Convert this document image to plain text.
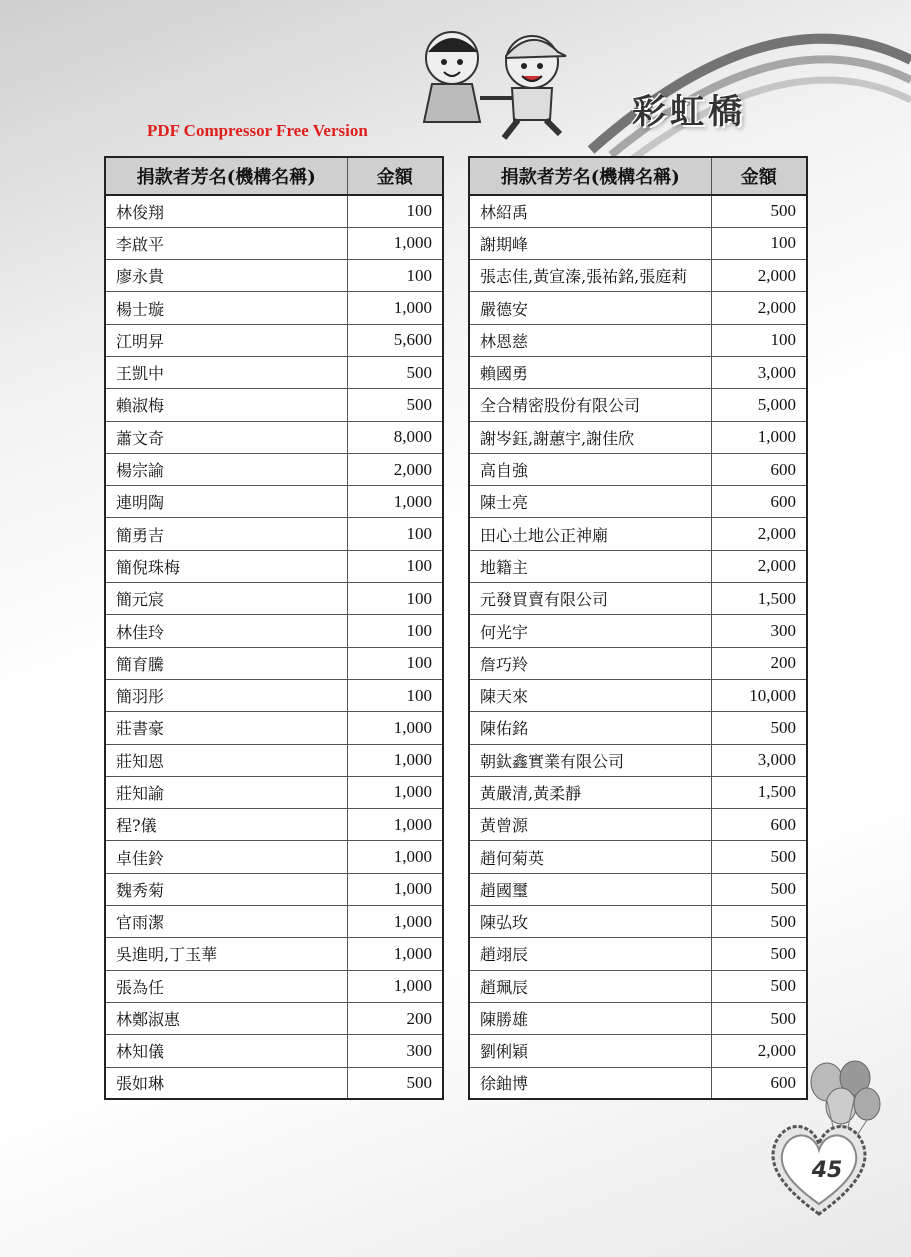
彩虹橋
PDF Compressor Free Version
捐款者芳名(機構名稱)	金額
林俊翔	100
李啟平	1,000
廖永貴	100
楊士璇	1,000
江明昇	5,600
王凱中	500
賴淑梅	500
蕭文奇	8,000
楊宗諭	2,000
連明陶	1,000
簡勇吉	100
簡倪珠梅	100
簡元宸	100
林佳玲	100
簡育騰	100
簡羽彤	100
莊書豪	1,000
莊知恩	1,000
莊知諭	1,000
程?儀	1,000
卓佳鈴	1,000
魏秀菊	1,000
官雨潔	1,000
吳進明,丁玉華	1,000
張為任	1,000
林鄭淑惠	200
林知儀	300
張如琳	500
捐款者芳名(機構名稱)	金額
林紹禹	500
謝期峰	100
張志佳,黃宣溱,張祐銘,張庭莉	2,000
嚴德安	2,000
林恩慈	100
賴國勇	3,000
全合精密股份有限公司	5,000
謝岑鈺,謝蕙宇,謝佳欣	1,000
高自強	600
陳士亮	600
田心土地公正神廟	2,000
地籍主	2,000
元發買賣有限公司	1,500
何光宇	300
詹巧羚	200
陳天來	10,000
陳佑銘	500
朝鈦鑫實業有限公司	3,000
黃嚴清,黃柔靜	1,500
黃曾源	600
趙何菊英	500
趙國璽	500
陳弘玫	500
趙翊辰	500
趙珮辰	500
陳勝雄	500
劉俐穎	2,000
徐鈾博	600
45
